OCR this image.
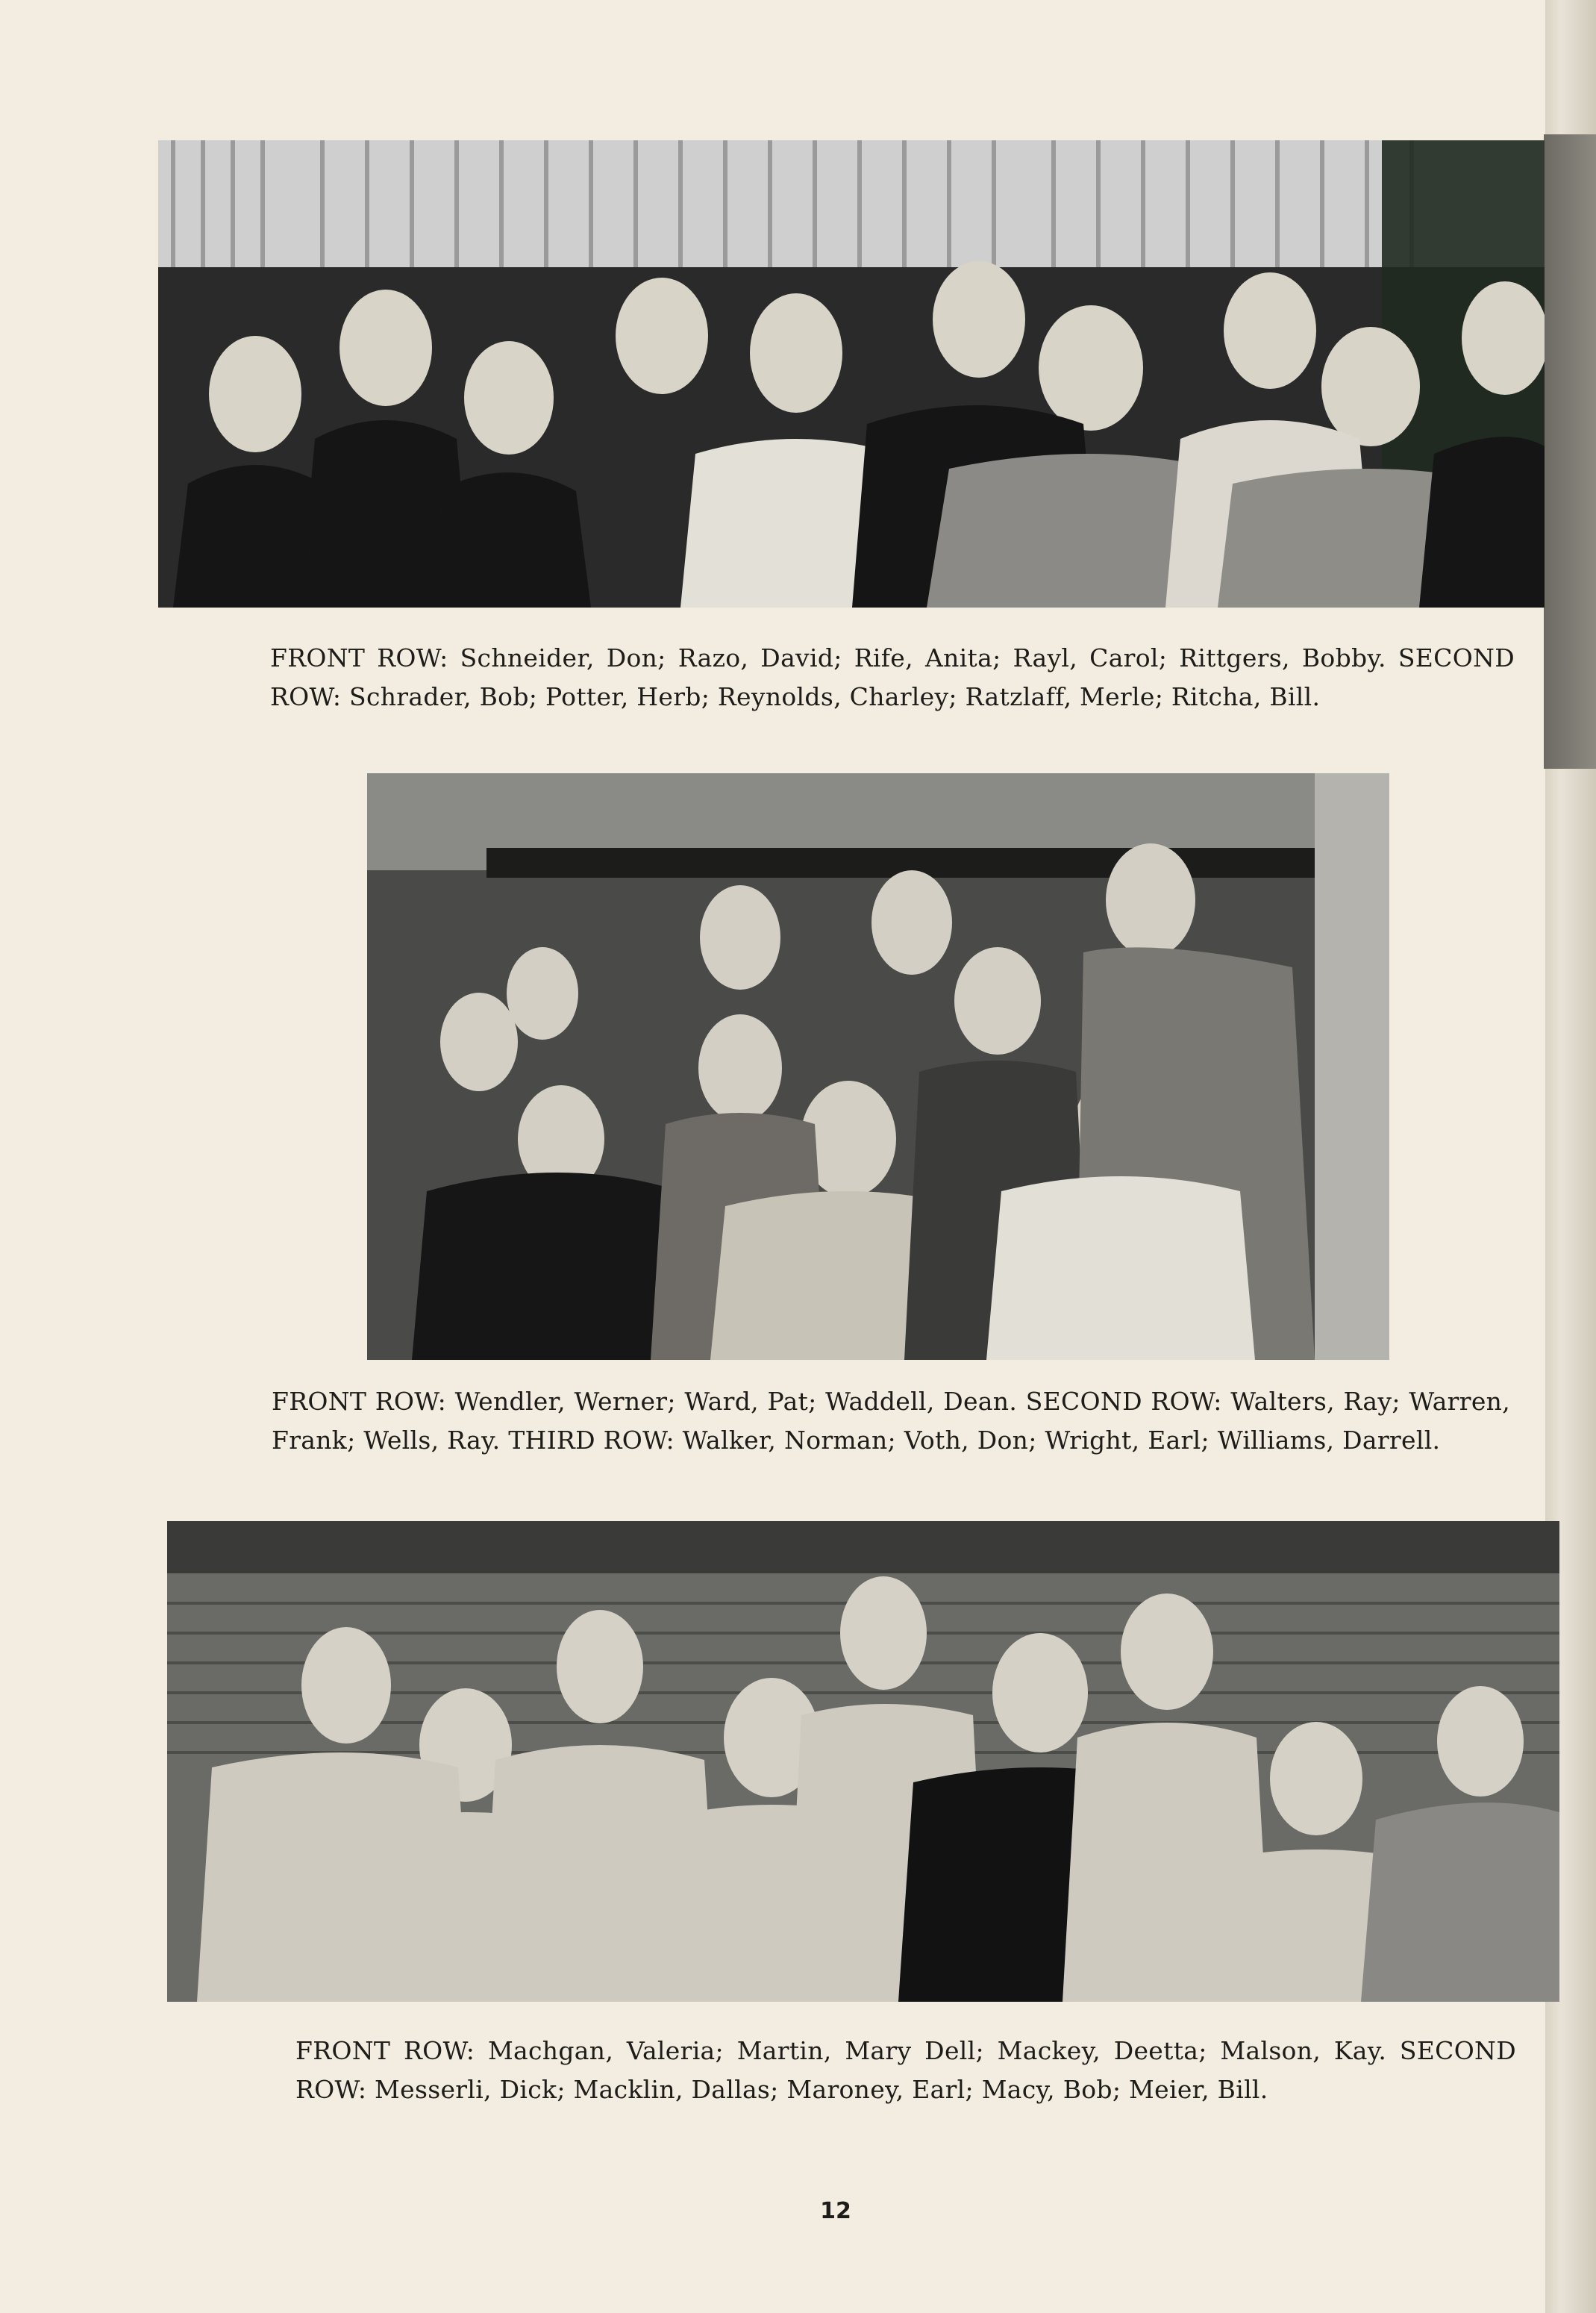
FRONT ROW: Schneider, Don; Razo, David; Rife, Anita; Rayl, Carol; Rittgers, Bobby. SECOND ROW: Schrader, Bob; Potter, Herb; Reynolds, Charley; Ratzlaff, Merle; Ritcha, Bill.

FRONT ROW: Wendler, Werner; Ward, Pat; Waddell, Dean. SECOND ROW: Walters, Ray; Warren, Frank; Wells, Ray. THIRD ROW: Walker, Norman; Voth, Don; Wright, Earl; Williams, Darrell.

FRONT ROW: Machgan, Valeria; Martin, Mary Dell; Mackey, Deetta; Malson, Kay. SECOND ROW: Messerli, Dick; Macklin, Dallas; Maroney, Earl; Macy, Bob; Meier, Bill.

12
